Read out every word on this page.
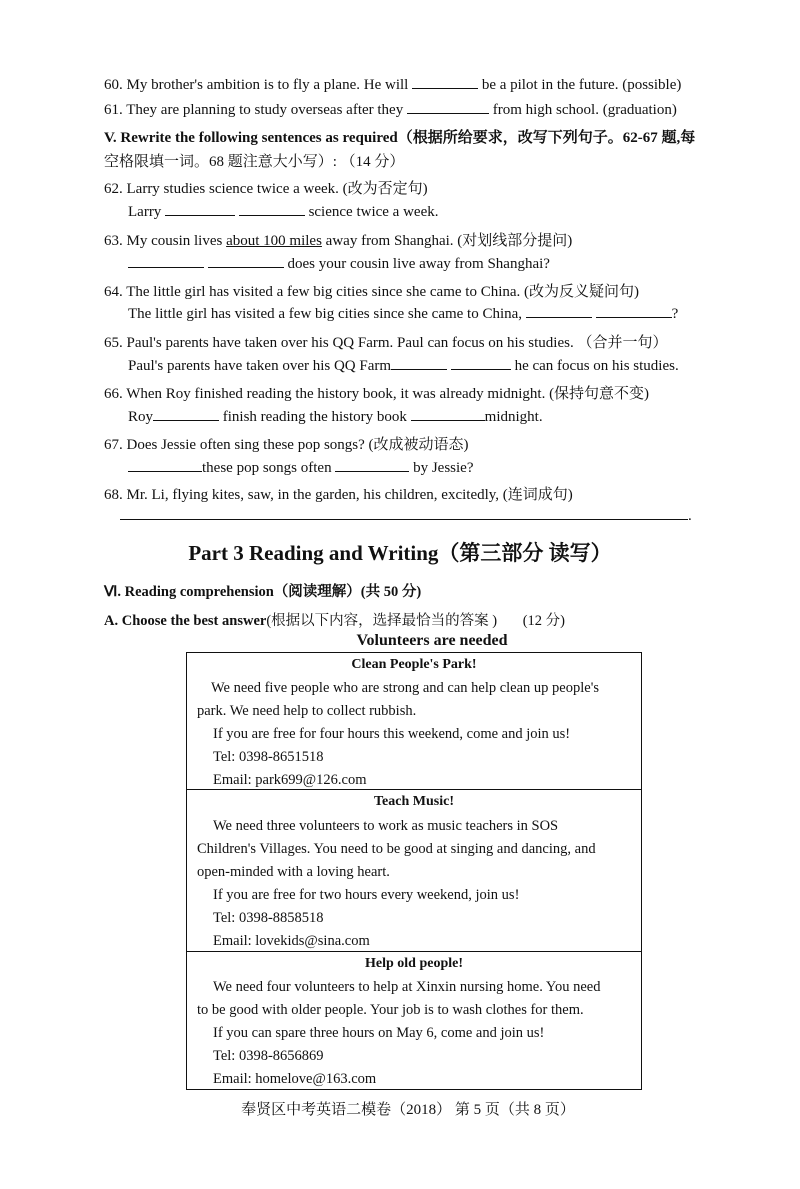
60. My brother's ambition is to fly a plane. He will	be a pilot in the future. (possible)
61. They are planning to study overseas after they	from high school. (graduation)
V. Rewrite the following sentences as required（根据所给要求，改写下列句子。62-67 题,每
空格限填一词。68 题注意大小写）: （14 分）
62. Larry studies science twice a week. (改为否定句)
Larry	science twice a week.
63. My cousin lives about 100 miles away from Shanghai. (对划线部分提问)
does your cousin live away from Shanghai?
64. The little girl has visited a few big cities since she came to China. (改为反义疑问句)
The little girl has visited a few big cities since she came to China,	?
65. Paul's parents have taken over his QQ Farm. Paul can focus on his studies. （合并一句）
Paul's parents have taken over his QQ Farm	he can focus on his studies.
66. When Roy finished reading the history book, it was already midnight. (保持句意不变)
Roy	finish reading the history book	midnight.
67. Does Jessie often sing these pop songs? (改成被动语态)
these pop songs often	by Jessie?
68. Mr. Li, flying kites, saw, in the garden, his children, excitedly, (连词成句)
.
Part 3 Reading and Writing（第三部分 读写）
Ⅵ. Reading comprehension（阅读理解）(共 50 分)
A. Choose the best answer(根据以下内容，选择最恰当的答案 ) (12 分)
Volunteers are needed
Clean People's Park!
We need five people who are strong and can help clean up people's
park. We need help to collect rubbish.
If you are free for four hours this weekend, come and join us!
Tel: 0398-8651518
Email: park699@126.com
Teach Music!
We need three volunteers to work as music teachers in SOS
Children's Villages. You need to be good at singing and dancing, and
open-minded with a loving heart.
If you are free for two hours every weekend, join us!
Tel: 0398-8858518
Email: lovekids@sina.com
Help old people!
We need four volunteers to help at Xinxin nursing home. You need
to be good with older people. Your job is to wash clothes for them.
If you can spare three hours on May 6, come and join us!
Tel: 0398-8656869
Email: homelove@163.com
奉贤区中考英语二模卷（2018） 第 5 页（共 8 页）
